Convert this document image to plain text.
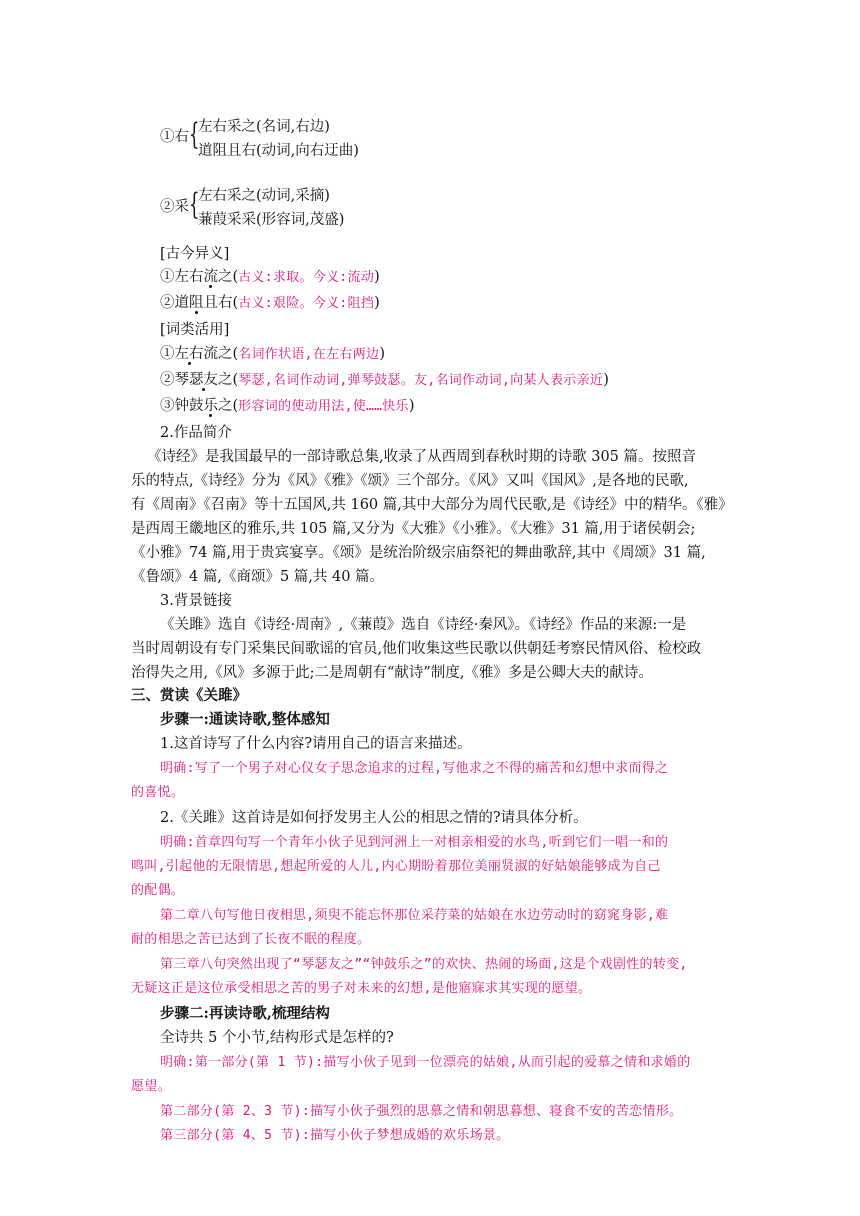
①右 {
左右采之(名词,右边)
道阻且右(动词,向右迂曲)
②采 {
左右采之(动词,采摘)
蒹葭采采(形容词,茂盛)
[古今异义]
①左右流之(古义:求取。今义:流动)
②道阻且右(古义:艰险。今义:阻挡)
[词类活用]
①左右流之(名词作状语,在左右两边)
②琴瑟友之(琴瑟,名词作动词,弹琴鼓瑟。友,名词作动词,向某人表示亲近)
③钟鼓乐之(形容词的使动用法,使……快乐)
2.作品简介
《诗经》是我国最早的一部诗歌总集,收录了从西周到春秋时期的诗歌 305 篇。按照音
乐的特点,《诗经》分为《风》《雅》《颂》三个部分。《风》又叫《国风》,是各地的民歌,
有《周南》《召南》等十五国风,共 160 篇,其中大部分为周代民歌,是《诗经》中的精华。《雅》
是西周王畿地区的雅乐,共 105 篇,又分为《大雅》《小雅》。《大雅》31 篇,用于诸侯朝会;
《小雅》74 篇,用于贵宾宴享。《颂》是统治阶级宗庙祭祀的舞曲歌辞,其中《周颂》31 篇,
《鲁颂》4 篇,《商颂》5 篇,共 40 篇。
3.背景链接
《关雎》选自《诗经·周南》,《蒹葭》选自《诗经·秦风》。《诗经》作品的来源:一是
当时周朝设有专门采集民间歌谣的官员,他们收集这些民歌以供朝廷考察民情风俗、检校政
治得失之用,《风》多源于此;二是周朝有“献诗”制度,《雅》多是公卿大夫的献诗。
三、赏读《关雎》
步骤一:通读诗歌,整体感知
1.这首诗写了什么内容?请用自己的语言来描述。
明确:写了一个男子对心仪女子思念追求的过程,写他求之不得的痛苦和幻想中求而得之
的喜悦。
2.《关雎》这首诗是如何抒发男主人公的相思之情的?请具体分析。
明确:首章四句写一个青年小伙子见到河洲上一对相亲相爱的水鸟,听到它们一唱一和的
鸣叫,引起他的无限情思,想起所爱的人儿,内心期盼着那位美丽贤淑的好姑娘能够成为自己
的配偶。
第二章八句写他日夜相思,须臾不能忘怀那位采荇菜的姑娘在水边劳动时的窈窕身影,难
耐的相思之苦已达到了长夜不眠的程度。
第三章八句突然出现了“琴瑟友之”“钟鼓乐之”的欢快、热闹的场面,这是个戏剧性的转变,
无疑这正是这位承受相思之苦的男子对未来的幻想,是他寤寐求其实现的愿望。
步骤二:再读诗歌,梳理结构
全诗共 5 个小节,结构形式是怎样的?
明确:第一部分(第 1 节):描写小伙子见到一位漂亮的姑娘,从而引起的爱慕之情和求婚的
愿望。
第二部分(第 2、3 节):描写小伙子强烈的思慕之情和朝思暮想、寝食不安的苦恋情形。
第三部分(第 4、5 节):描写小伙子梦想成婚的欢乐场景。
